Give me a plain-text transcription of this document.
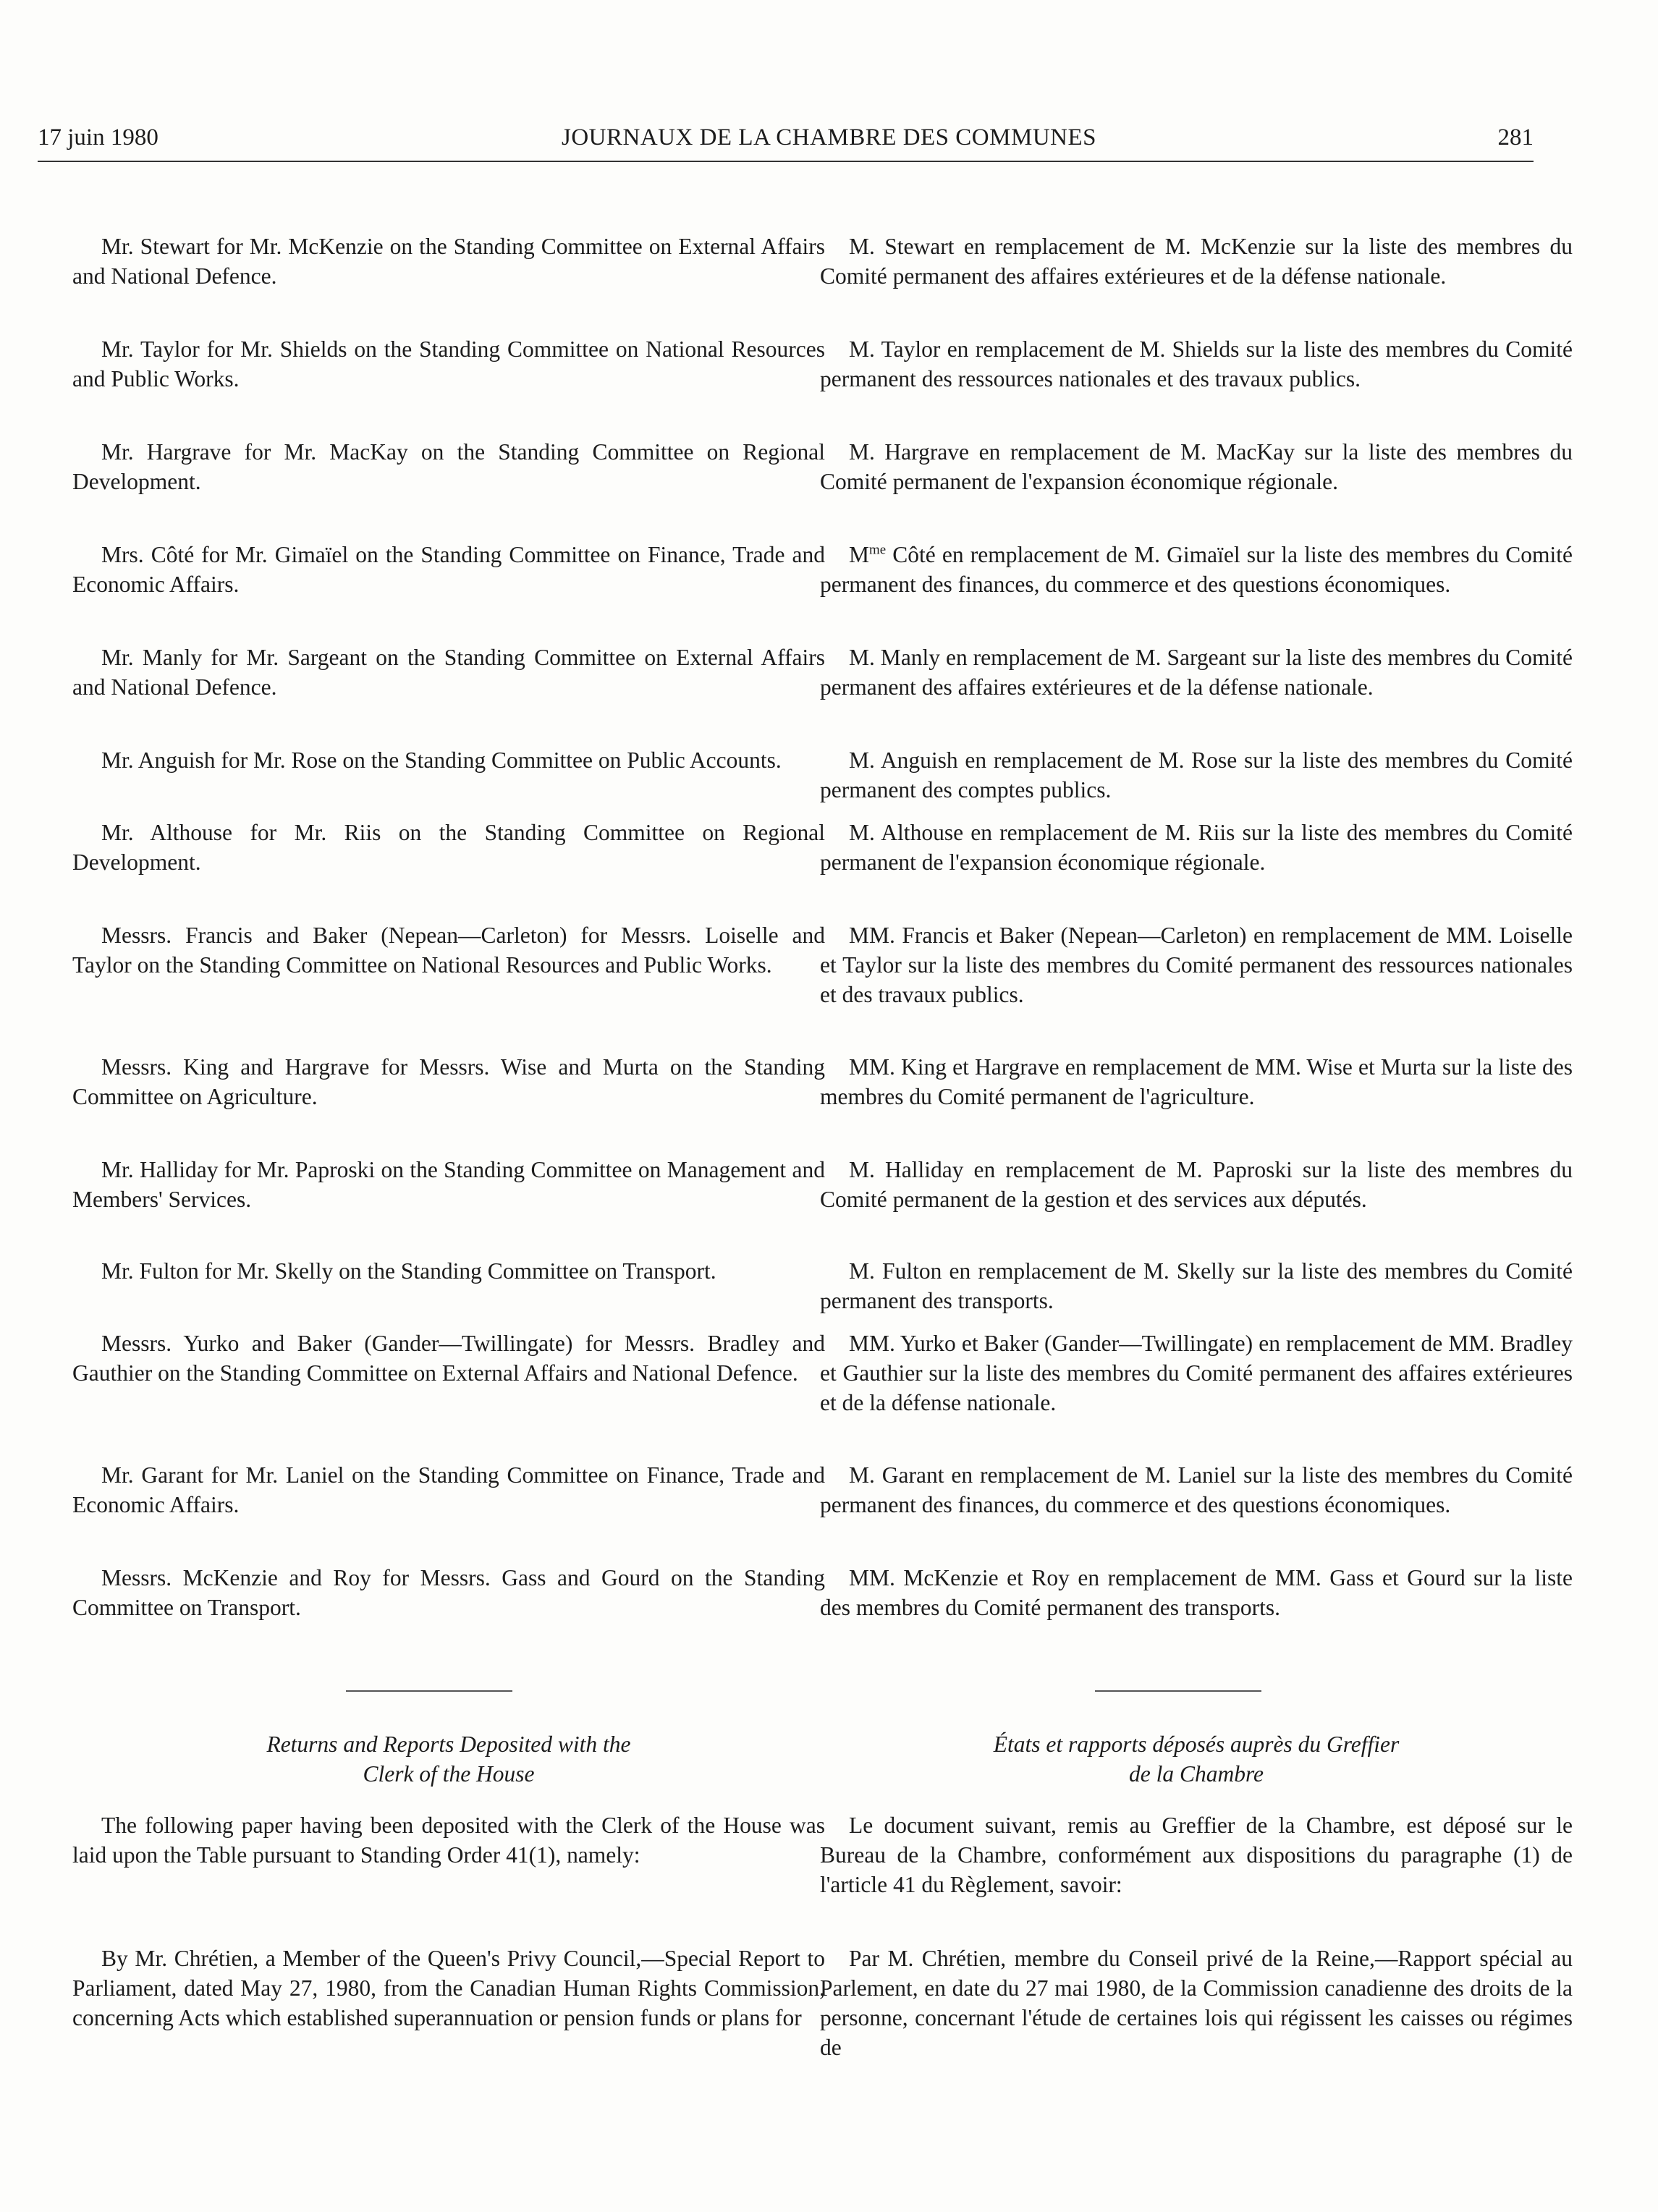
17 juin 1980	JOURNAUX DE LA CHAMBRE DES COMMUNES	281

Mr. Stewart for Mr. McKenzie on the Standing Committee on External Affairs and National Defence.

Mr. Taylor for Mr. Shields on the Standing Committee on National Resources and Public Works.

Mr. Hargrave for Mr. MacKay on the Standing Committee on Regional Development.

Mrs. Côté for Mr. Gimaïel on the Standing Committee on Finance, Trade and Economic Affairs.

Mr. Manly for Mr. Sargeant on the Standing Committee on External Affairs and National Defence.

Mr. Anguish for Mr. Rose on the Standing Committee on Public Accounts.

Mr. Althouse for Mr. Riis on the Standing Committee on Regional Development.

Messrs. Francis and Baker (Nepean—Carleton) for Messrs. Loiselle and Taylor on the Standing Committee on National Resources and Public Works.

Messrs. King and Hargrave for Messrs. Wise and Murta on the Standing Committee on Agriculture.

Mr. Halliday for Mr. Paproski on the Standing Committee on Management and Members' Services.

Mr. Fulton for Mr. Skelly on the Standing Committee on Transport.

Messrs. Yurko and Baker (Gander—Twillingate) for Messrs. Bradley and Gauthier on the Standing Committee on External Affairs and National Defence.

Mr. Garant for Mr. Laniel on the Standing Committee on Finance, Trade and Economic Affairs.

Messrs. McKenzie and Roy for Messrs. Gass and Gourd on the Standing Committee on Transport.

Returns and Reports Deposited with the
Clerk of the House

The following paper having been deposited with the Clerk of the House was laid upon the Table pursuant to Standing Order 41(1), namely:

By Mr. Chrétien, a Member of the Queen's Privy Council,—Special Report to Parliament, dated May 27, 1980, from the Canadian Human Rights Commission, concerning Acts which established superannuation or pension funds or plans for

M. Stewart en remplacement de M. McKenzie sur la liste des membres du Comité permanent des affaires extérieures et de la défense nationale.

M. Taylor en remplacement de M. Shields sur la liste des membres du Comité permanent des ressources nationales et des travaux publics.

M. Hargrave en remplacement de M. MacKay sur la liste des membres du Comité permanent de l'expansion économique régionale.

$M^{me}$ Côté en remplacement de M. Gimaïel sur la liste des membres du Comité permanent des finances, du commerce et des questions économiques.

M. Manly en remplacement de M. Sargeant sur la liste des membres du Comité permanent des affaires extérieures et de la défense nationale.

M. Anguish en remplacement de M. Rose sur la liste des membres du Comité permanent des comptes publics.

M. Althouse en remplacement de M. Riis sur la liste des membres du Comité permanent de l'expansion économique régionale.

MM. Francis et Baker (Nepean—Carleton) en remplacement de MM. Loiselle et Taylor sur la liste des membres du Comité permanent des ressources nationales et des travaux publics.

MM. King et Hargrave en remplacement de MM. Wise et Murta sur la liste des membres du Comité permanent de l'agriculture.

M. Halliday en remplacement de M. Paproski sur la liste des membres du Comité permanent de la gestion et des services aux députés.

M. Fulton en remplacement de M. Skelly sur la liste des membres du Comité permanent des transports.

MM. Yurko et Baker (Gander—Twillingate) en remplacement de MM. Bradley et Gauthier sur la liste des membres du Comité permanent des affaires extérieures et de la défense nationale.

M. Garant en remplacement de M. Laniel sur la liste des membres du Comité permanent des finances, du commerce et des questions économiques.

MM. McKenzie et Roy en remplacement de MM. Gass et Gourd sur la liste des membres du Comité permanent des transports.

États et rapports déposés auprès du Greffier
de la Chambre

Le document suivant, remis au Greffier de la Chambre, est déposé sur le Bureau de la Chambre, conformément aux dispositions du paragraphe (1) de l'article 41 du Règlement, savoir:

Par M. Chrétien, membre du Conseil privé de la Reine,—Rapport spécial au Parlement, en date du 27 mai 1980, de la Commission canadienne des droits de la personne, concernant l'étude de certaines lois qui régissent les caisses ou régimes de
